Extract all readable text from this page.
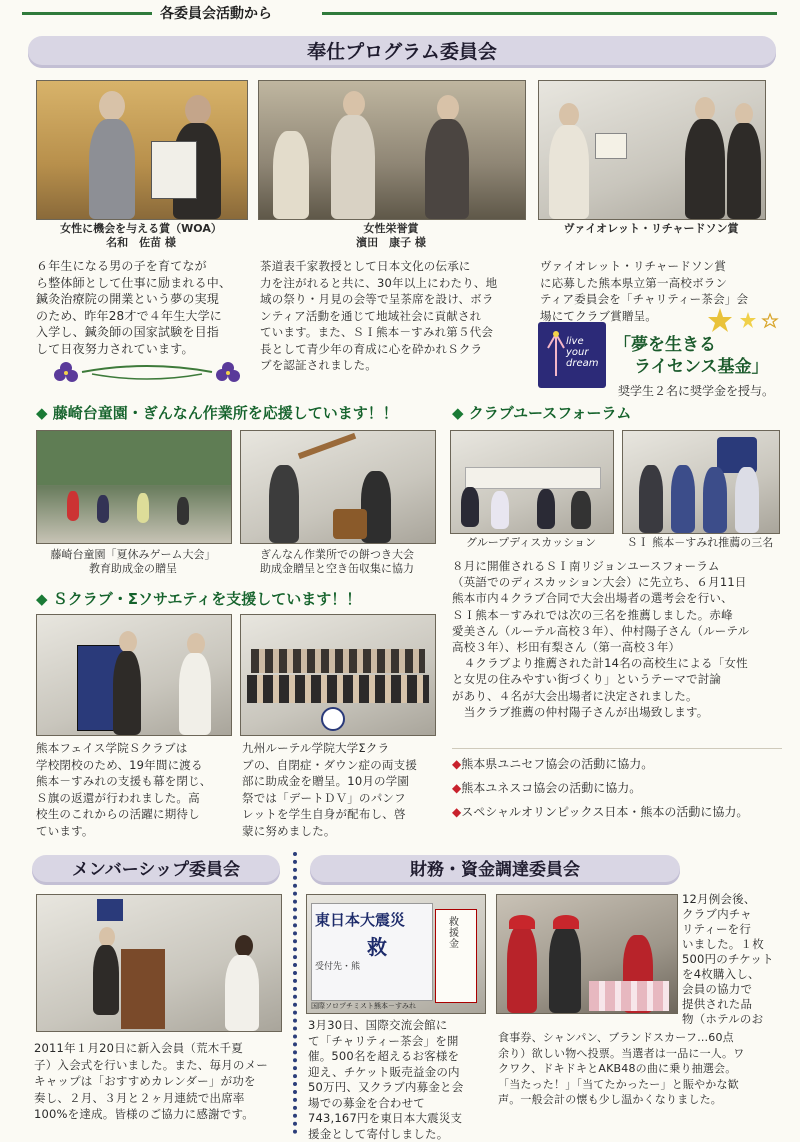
各委員会活動から
奉仕プログラム委員会
女性に機会を与える賞（WOA）
名和　佐苗 様
女性栄誉賞
濱田　康子 様
ヴァイオレット・リチャードソン賞
６年生になる男の子を育てなが
ら整体師として仕事に励まれる中、
鍼灸治療院の開業という夢の実現
のため、昨年28才で４年生大学に
入学し、鍼灸師の国家試験を目指
して日夜努力されています。
茶道表千家教授として日本文化の伝承に
力を注がれると共に、30年以上にわたり、地
域の祭り・月見の会等で呈茶席を設け、ボラ
ンティア活動を通じて地域社会に貢献され
ています。また、ＳＩ熊本－すみれ第５代会
長として青少年の育成に心を砕かれＳクラ
ブを認証されました。
ヴァイオレット・リチャードソン賞
に応募した熊本県立第一高校ボラン
ティア委員会を「チャリティー茶会」会
場にてクラブ賞贈呈。
live
your
dream
「夢を生きる
ライセンス基金」
奨学生２名に奨学金を授与。
◆ 藤崎台童園・ぎんなん作業所を応援しています！！
藤崎台童園「夏休みゲーム大会」
教育助成金の贈呈
ぎんなん作業所での餅つき大会
助成金贈呈と空き缶収集に協力
◆ Ｓクラブ・Σソサエティを支援しています！！
熊本フェイス学院Ｓクラブは
学校閉校のため、19年間に渡る
熊本－すみれの支援も幕を閉じ、
Ｓ旗の返還が行われました。高
校生のこれからの活躍に期待し
ています。
九州ルーテル学院大学Σクラ
ブの、自閉症・ダウン症の両支援
部に助成金を贈呈。10月の学園
祭では「デートＤＶ」のパンフ
レットを学生自身が配布し、啓
蒙に努めました。
◆ クラブユースフォーラム
グループディスカッション	ＳＩ 熊本－すみれ推薦の三名
８月に開催されるＳＩ南リジョンユースフォーラム
（英語でのディスカッション大会）に先立ち、６月11日
熊本市内４クラブ合同で大会出場者の選考会を行い、
ＳＩ熊本－すみれでは次の三名を推薦しました。赤峰
愛美さん（ルーテル高校３年）、仲村陽子さん（ルーテル
高校３年）、杉田有梨さん（第一高校３年）
　４クラブより推薦された計14名の高校生による「女性
と女児の住みやすい街づくり」というテーマで討論
があり、４名が大会出場者に決定されました。
　当クラブ推薦の仲村陽子さんが出場致します。
◆熊本県ユニセフ協会の活動に協力。
◆熊本ユネスコ協会の活動に協力。
◆スペシャルオリンピックス日本・熊本の活動に協力。
メンバーシップ委員会
2011年１月20日に新入会員（荒木千夏
子）入会式を行いました。また、毎月のメー
キャップは「おすすめカレンダー」が功を
奏し、２月、３月と２ヶ月連続で出席率
100%を達成。皆様のご協力に感謝です。
財務・資金調達委員会
東日本大震災
救
受付先・熊
国際ソロプチミスト熊本－すみれ
救援金
3月30日、国際交流会館に
て「チャリティー茶会」を開
催。500名を超えるお客様を
迎え、チケット販売益金の内
50万円、又クラブ内募金と会
場での募金を合わせて
743,167円を東日本大震災支
援金として寄付しました。
12月例会後、
クラブ内チャ
リティーを行
いました。１枚
500円のチケット
を4枚購入し、
会員の協力で
提供された品
物（ホテルのお
食事券、シャンパン、ブランドスカーフ…60点
余り）欲しい物へ投票。当選者は一品に一人。ワ
クワク、ドキドキとAKB48の曲に乗り抽選会。
「当たった！」「当てたかったー」と賑やかな歓
声。一般会計の懐も少し温かくなりました。
